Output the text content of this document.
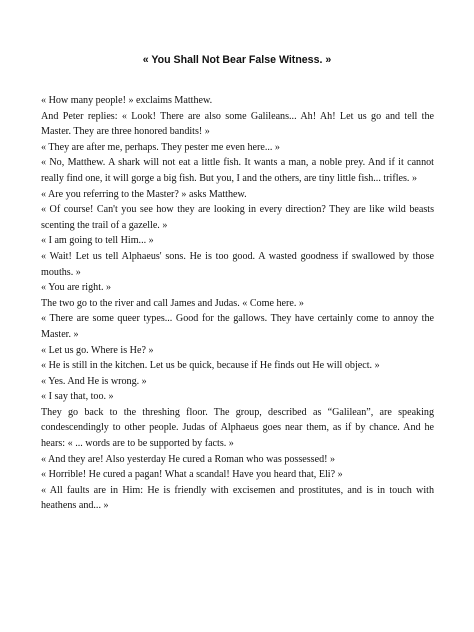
« You Shall Not Bear False Witness. »

« How many people! » exclaims Matthew.

And Peter replies: « Look! There are also some Galileans... Ah! Ah! Let us go and tell the Master. They are three honored bandits! »

« They are after me, perhaps. They pester me even here... »

« No, Matthew. A shark will not eat a little fish. It wants a man, a noble prey. And if it cannot really find one, it will gorge a big fish. But you, I and the others, are tiny little fish... trifles. »

« Are you referring to the Master? » asks Matthew.

« Of course! Can't you see how they are looking in every direction? They are like wild beasts scenting the trail of a gazelle. »

« I am going to tell Him... »

« Wait! Let us tell Alphaeus' sons. He is too good. A wasted goodness if swallowed by those mouths. »

« You are right. »

The two go to the river and call James and Judas. « Come here. »

« There are some queer types... Good for the gallows. They have certainly come to annoy the Master. »

« Let us go. Where is He? »

« He is still in the kitchen. Let us be quick, because if He finds out He will object. »

« Yes. And He is wrong. »

« I say that, too. »

They go back to the threshing floor. The group, described as “Galilean”, are speaking condescendingly to other people. Judas of Alphaeus goes near them, as if by chance. And he hears: « ... words are to be supported by facts. »

« And they are! Also yesterday He cured a Roman who was possessed! »

« Horrible! He cured a pagan! What a scandal! Have you heard that, Eli? »

« All faults are in Him: He is friendly with excisemen and prostitutes, and is in touch with heathens and... »
